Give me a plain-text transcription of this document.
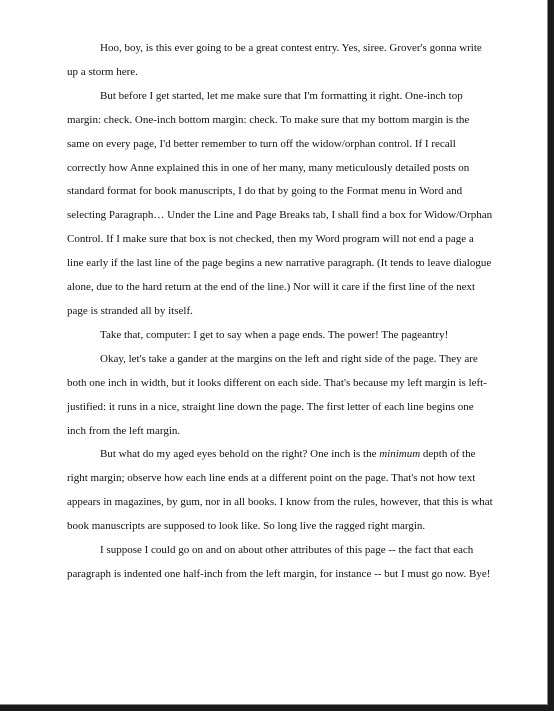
Hoo, boy, is this ever going to be a great contest entry. Yes, siree. Grover's gonna write
up a storm here.
But before I get started, let me make sure that I'm formatting it right. One-inch top
margin: check. One-inch bottom margin: check. To make sure that my bottom margin is the
same on every page, I'd better remember to turn off the widow/orphan control. If I recall
correctly how Anne explained this in one of her many, many meticulously detailed posts on
standard format for book manuscripts, I do that by going to the Format menu in Word and
selecting Paragraph… Under the Line and Page Breaks tab, I shall find a box for Widow/Orphan
Control. If I make sure that box is not checked, then my Word program will not end a page a
line early if the last line of the page begins a new narrative paragraph. (It tends to leave dialogue
alone, due to the hard return at the end of the line.) Nor will it care if the first line of the next
page is stranded all by itself.
Take that, computer: I get to say when a page ends. The power! The pageantry!
Okay, let's take a gander at the margins on the left and right side of the page. They are
both one inch in width, but it looks different on each side. That's because my left margin is left-
justified: it runs in a nice, straight line down the page. The first letter of each line begins one
inch from the left margin.
But what do my aged eyes behold on the right? One inch is the minimum depth of the
right margin; observe how each line ends at a different point on the page. That's not how text
appears in magazines, by gum, nor in all books. I know from the rules, however, that this is what
book manuscripts are supposed to look like. So long live the ragged right margin.
I suppose I could go on and on about other attributes of this page -- the fact that each
paragraph is indented one half-inch from the left margin, for instance -- but I must go now. Bye!
